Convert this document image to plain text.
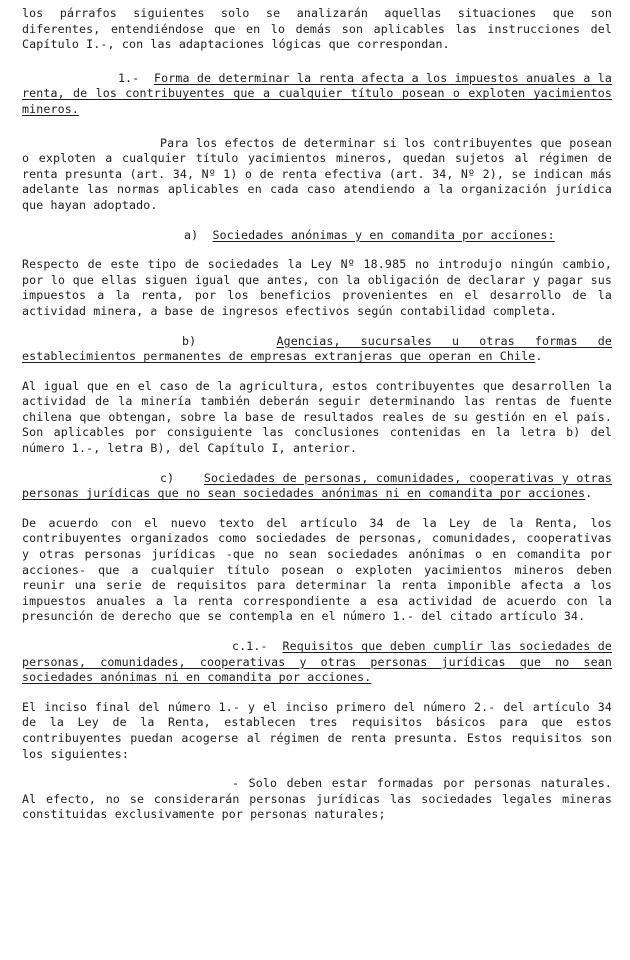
los párrafos siguientes solo se analizarán aquellas situaciones que son diferentes, entendiéndose que en lo demás son aplicables las instrucciones del Capítulo I.-, con las adaptaciones lógicas que correspondan.

1.- Forma de determinar la renta afecta a los impuestos anuales a la renta, de los contribuyentes que a cualquier título posean o exploten yacimientos mineros.

Para los efectos de determinar si los contribuyentes que posean o exploten a cualquier título yacimientos mineros, quedan sujetos al régimen de renta presunta (art. 34, Nº 1) o de renta efectiva (art. 34, Nº 2), se indican más adelante las normas aplicables en cada caso atendiendo a la organización jurídica que hayan adoptado.

a) Sociedades anónimas y en comandita por acciones:

Respecto de este tipo de sociedades la Ley Nº 18.985 no introdujo ningún cambio, por lo que ellas siguen igual que antes, con la obligación de declarar y pagar sus impuestos a la renta, por los beneficios provenientes en el desarrollo de la actividad minera, a base de ingresos efectivos según contabilidad completa.

b)	Agencias, sucursales u otras formas de establecimientos permanentes de empresas extranjeras que operan en Chile.

Al igual que en el caso de la agricultura, estos contribuyentes que desarrollen la actividad de la minería también deberán seguir determinando las rentas de fuente chilena que obtengan, sobre la base de resultados reales de su gestión en el país. Son aplicables por consiguiente las conclusiones contenidas en la letra b) del número 1.-, letra B), del Capítulo I, anterior.

c)	Sociedades de personas, comunidades, cooperativas y otras personas jurídicas que no sean sociedades anónimas ni en comandita por acciones.

De acuerdo con el nuevo texto del artículo 34 de la Ley de la Renta, los contribuyentes organizados como sociedades de personas, comunidades, cooperativas y otras personas jurídicas -que no sean sociedades anónimas o en comandita por acciones- que a cualquier título posean o exploten yacimientos mineros deben reunir una serie de requisitos para determinar la renta imponible afecta a los impuestos anuales a la renta correspondiente a esa actividad de acuerdo con la presunción de derecho que se contempla en el número 1.- del citado artículo 34.

c.1.- Requisitos que deben cumplir las sociedades de personas, comunidades, cooperativas y otras personas jurídicas que no sean sociedades anónimas ni en comandita por acciones.

El inciso final del número 1.- y el inciso primero del número 2.- del artículo 34 de la Ley de la Renta, establecen tres requisitos básicos para que estos contribuyentes puedan acogerse al régimen de renta presunta. Estos requisitos son los siguientes:

- Solo deben estar formadas por personas naturales. Al efecto, no se considerarán personas jurídicas las sociedades legales mineras constituidas exclusivamente por personas naturales;
